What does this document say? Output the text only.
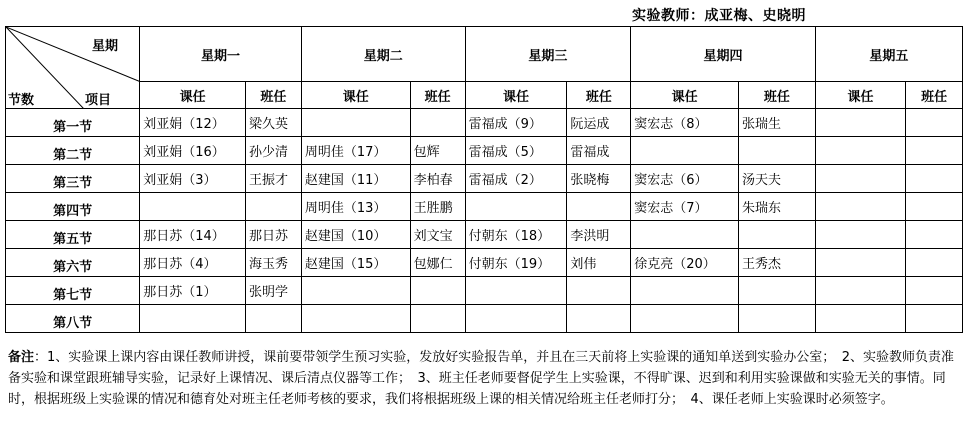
实验教师：成亚梅、史晓明
星期
节数 项目	星期一		星期二		星期三		星期四		星期五	
	课任	班任	课任	班任	课任	班任	课任	班任	课任	班任
第一节	刘亚娟（12）	梁久英			雷福成（9）	阮运成	窦宏志（8）	张瑞生		
第二节	刘亚娟（16）	孙少清	周明佳（17）	包辉	雷福成（5）	雷福成				
第三节	刘亚娟（3）	王振才	赵建国（11）	李柏春	雷福成（2）	张晓梅	窦宏志（6）	汤天夫		
第四节			周明佳（13）	王胜鹏			窦宏志（7）	朱瑞东		
第五节	那日苏（14）	那日苏	赵建国（10）	刘文宝	付朝东（18）	李洪明				
第六节	那日苏（4）	海玉秀	赵建国（15）	包娜仁	付朝东（19）	刘伟	徐克亮（20）	王秀杰		
第七节	那日苏（1）	张明学								
第八节										
备注：1、实验课上课内容由课任教师讲授，课前要带领学生预习实验，发放好实验报告单，并且在三天前将上实验课的通知单送到实验办公室；　2、实验教师负责准备实验和课堂跟班辅导实验，记录好上课情况、课后清点仪器等工作；　3、班主任老师要督促学生上实验课，不得旷课、迟到和利用实验课做和实验无关的事情。同时，根据班级上实验课的情况和德育处对班主任老师考核的要求，我们将根据班级上课的相关情况给班主任老师打分；　4、课任老师上实验课时必须签字。
